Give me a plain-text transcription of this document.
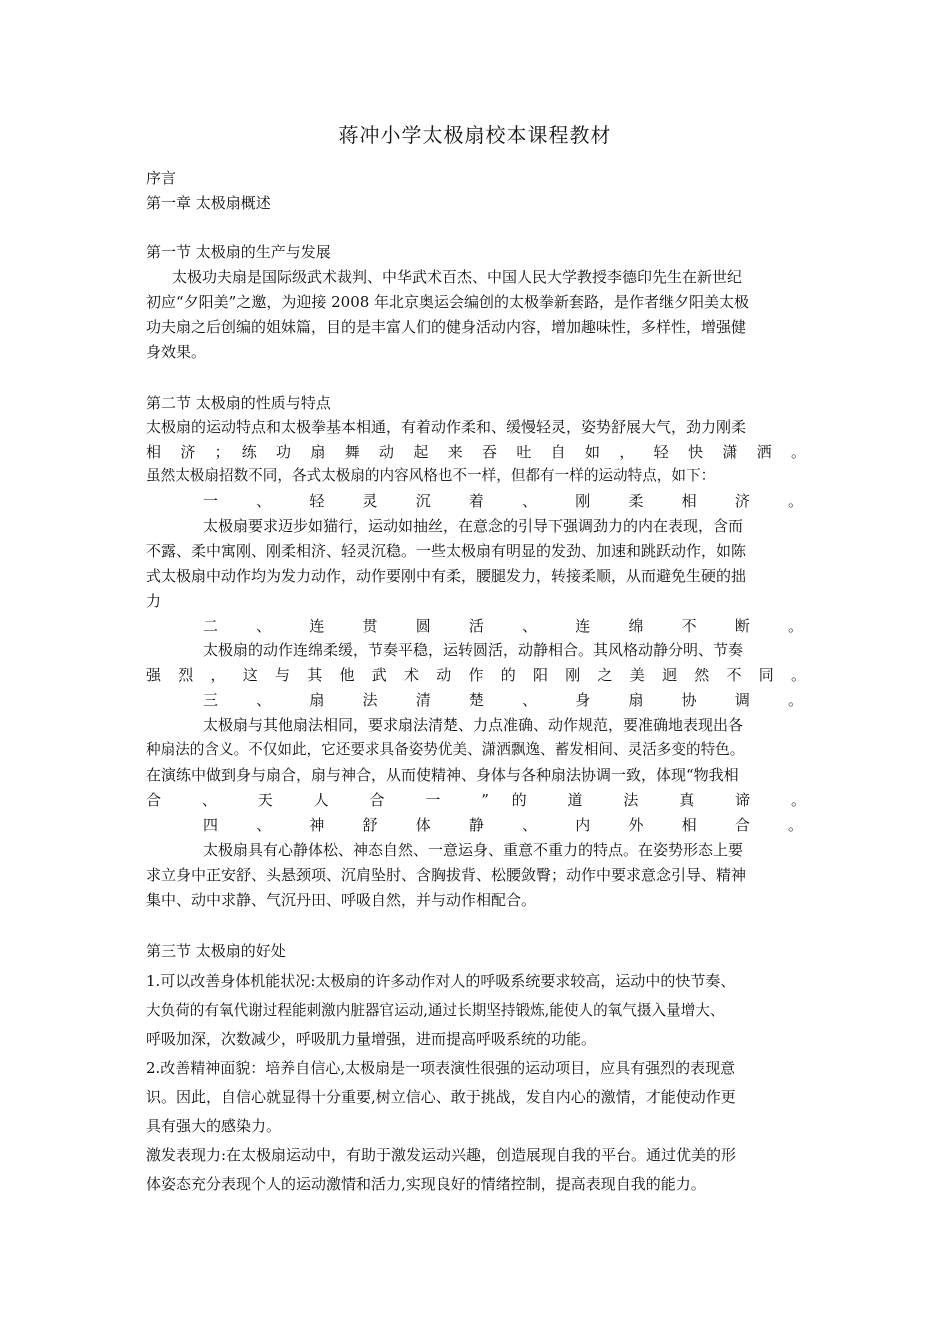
蒋冲小学太极扇校本课程教材
序言
第一章 太极扇概述
第一节 太极扇的生产与发展
太极功夫扇是国际级武术裁判、中华武术百杰、中国人民大学教授李德印先生在新世纪
初应“夕阳美”之邀，为迎接 2008 年北京奥运会编创的太极拳新套路，是作者继夕阳美太极
功夫扇之后创编的姐妹篇，目的是丰富人们的健身活动内容，增加趣味性，多样性，增强健
身效果。
第二节 太极扇的性质与特点
太极扇的运动特点和太极拳基本相通，有着动作柔和、缓慢轻灵，姿势舒展大气，劲力刚柔
相 济 ； 练 功 扇 舞 动 起 来 吞 吐 自 如 ， 轻 快 潇 洒 。
虽然太极扇招数不同，各式太极扇的内容风格也不一样，但都有一样的运动特点，如下：
一 、 轻 灵 沉 着 、 刚 柔 相 济 。
太极扇要求迈步如猫行，运动如抽丝，在意念的引导下强调劲力的内在表现，含而
不露、柔中寓刚、刚柔相济、轻灵沉稳。一些太极扇有明显的发劲、加速和跳跃动作，如陈
式太极扇中动作均为发力动作，动作要刚中有柔，腰腿发力，转接柔顺，从而避免生硬的拙
力
二 、 连 贯 圆 活 、 连 绵 不 断 。
太极扇的动作连绵柔缓，节奏平稳，运转圆活，动静相合。其风格动静分明、节奏
强 烈 ， 这 与 其 他 武 术 动 作 的 阳 刚 之 美 迥 然 不 同 。
三 、 扇 法 清 楚 、 身 扇 协 调 。
太极扇与其他扇法相同，要求扇法清楚、力点准确、动作规范，要准确地表现出各
种扇法的含义。不仅如此，它还要求具备姿势优美、潇洒飘逸、蓄发相间、灵活多变的特色。
在演练中做到身与扇合，扇与神合，从而使精神、身体与各种扇法协调一致，体现“物我相
合 、 天 人 合 一 ” 的 道 法 真 谛 。
四 、 神 舒 体 静 、 内 外 相 合 。
太极扇具有心静体松、神态自然、一意运身、重意不重力的特点。在姿势形态上要
求立身中正安舒、头悬颈项、沉肩坠肘、含胸拔背、松腰敛臀；动作中要求意念引导、精神
集中、动中求静、气沉丹田、呼吸自然，并与动作相配合。
第三节 太极扇的好处
1.可以改善身体机能状况:太极扇的许多动作对人的呼吸系统要求较高，运动中的快节奏、
大负荷的有氧代谢过程能刺激内脏器官运动,通过长期坚持锻炼,能使人的氧气摄入量增大、
呼吸加深，次数减少，呼吸肌力量增强，进而提高呼吸系统的功能。
2.改善精神面貌：培养自信心,太极扇是一项表演性很强的运动项目，应具有强烈的表现意
识。因此，自信心就显得十分重要,树立信心、敢于挑战，发自内心的激情，才能使动作更
具有强大的感染力。
激发表现力:在太极扇运动中，有助于激发运动兴趣，创造展现自我的平台。通过优美的形
体姿态充分表现个人的运动激情和活力,实现良好的情绪控制，提高表现自我的能力。
